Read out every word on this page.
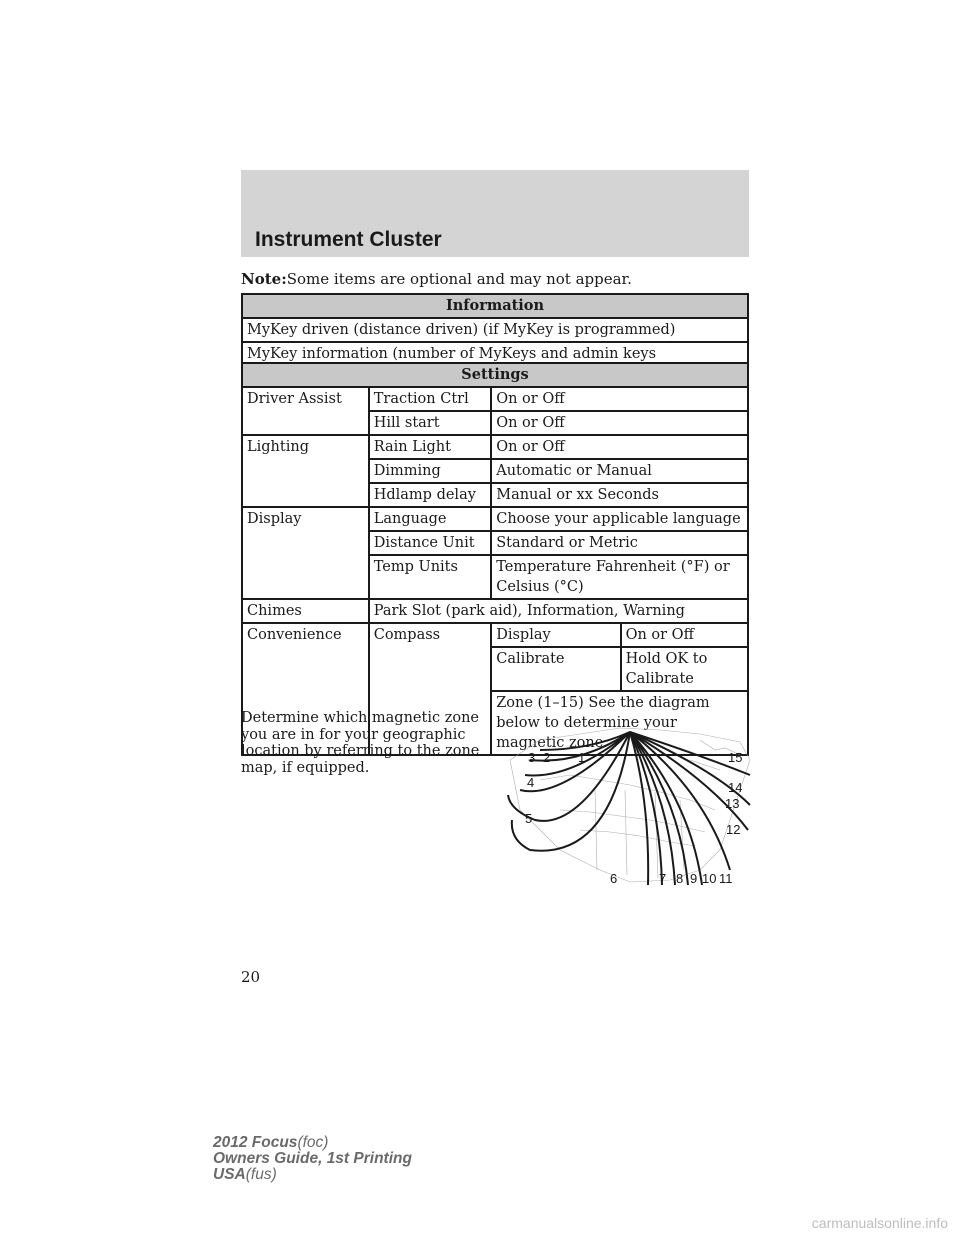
Instrument Cluster
Note:Some items are optional and may not appear.
Information
MyKey driven (distance driven) (if MyKey is programmed)
MyKey information (number of MyKeys and admin keys
Settings			
Driver Assist	Traction Ctrl	On or Off	
	Hill start	On or Off	
Lighting	Rain Light	On or Off	
	Dimming	Automatic or Manual	
	Hdlamp delay	Manual or xx Seconds	
Display	Language	Choose your applicable language	
	Distance Unit	Standard or Metric	
	Temp Units	Temperature Fahrenheit (°F) or Celsius (°C)	
Chimes	Park Slot (park aid), Information, Warning		
Convenience	Compass	Display	On or Off
		Calibrate	Hold OK to Calibrate
		Zone (1–15) See the diagram below to determine your magnetic zone.	
Determine which magnetic zone you are in for your geographic location by referring to the zone map, if equipped.
1
2
3
4
5
6	7 8 9 10 11
12
13
14
15
20
2012 Focus(foc)
Owners Guide, 1st Printing
USA(fus)
carmanualsonline.info
